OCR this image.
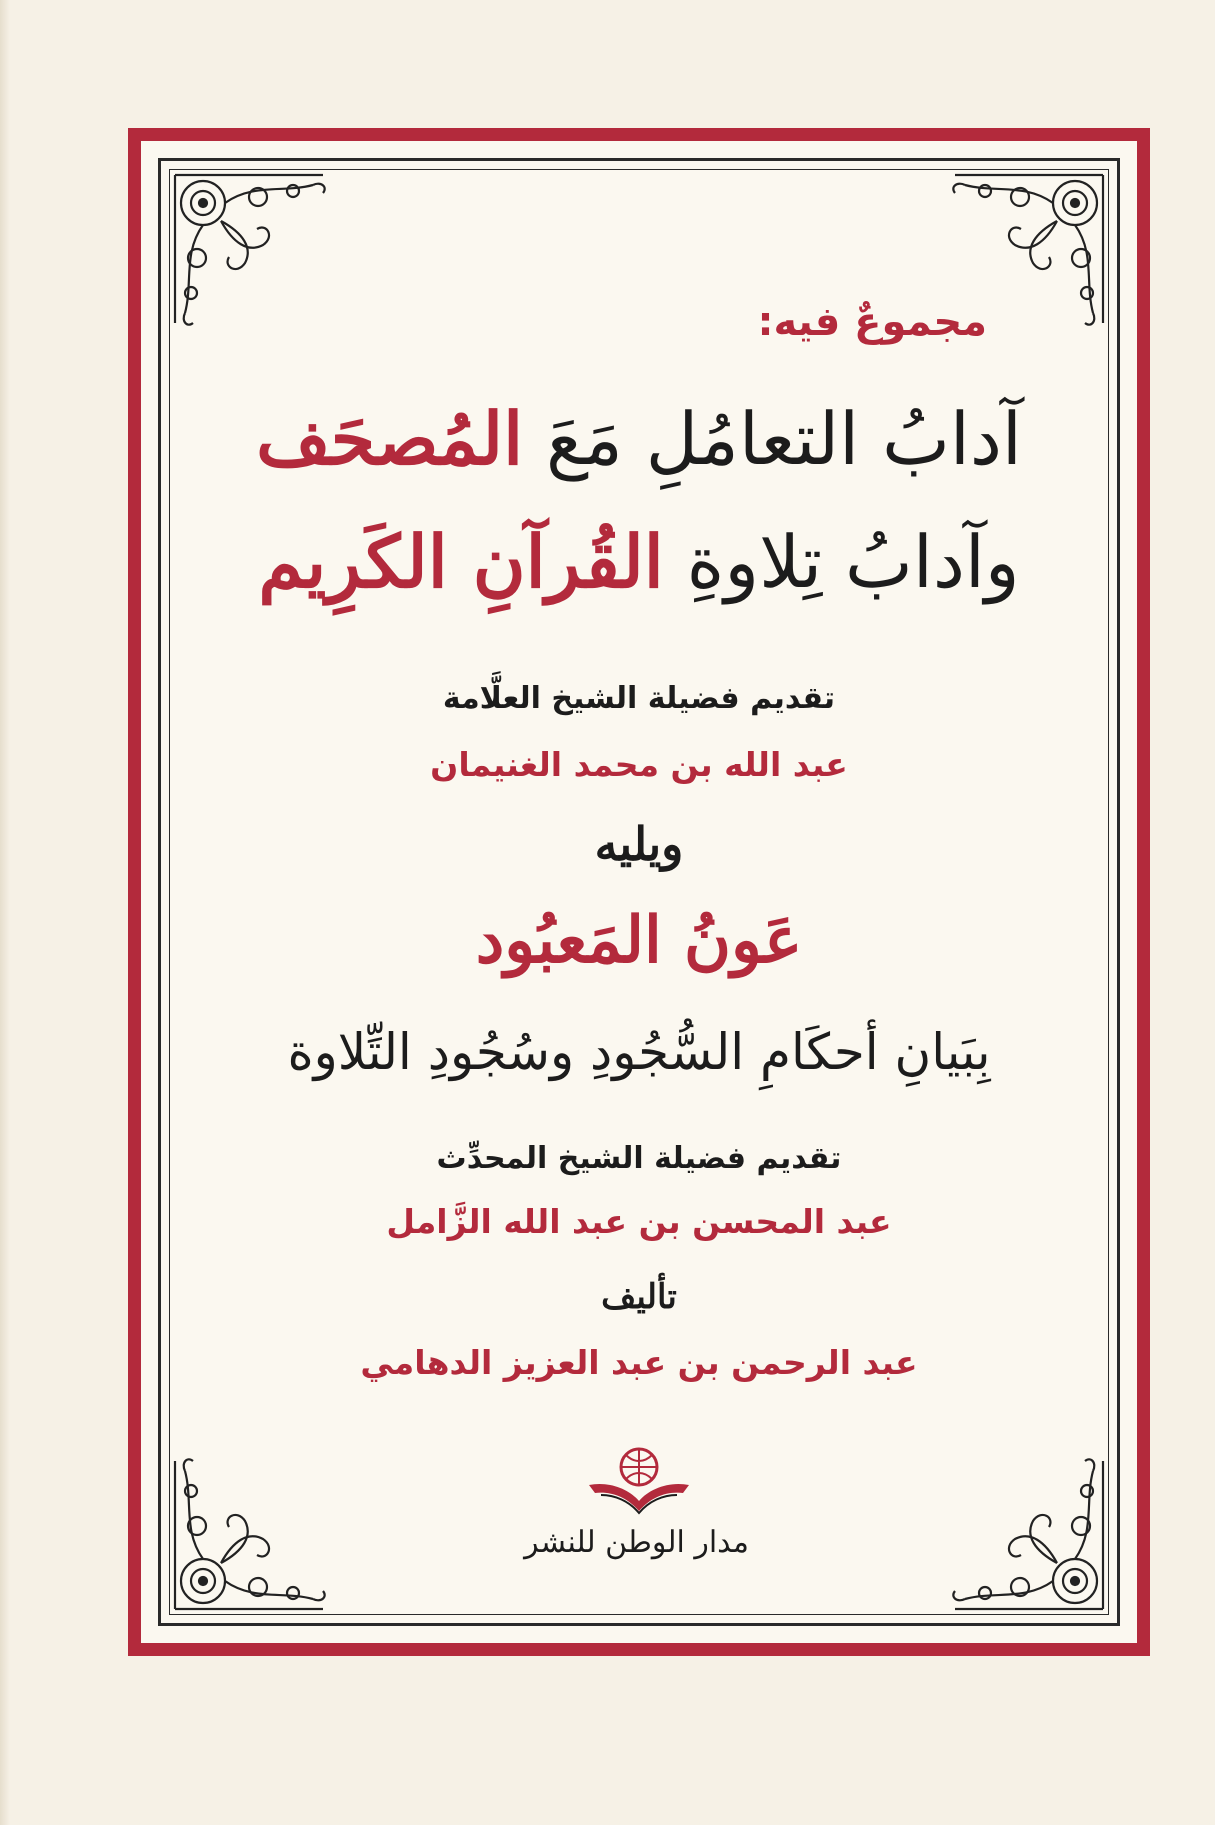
مجموعٌ فيه:
آدابُ التعامُلِ مَعَ المُصحَف
وآدابُ تِلاوةِ القُرآنِ الكَرِيم
تقديم فضيلة الشيخ العلَّامة
عبد الله بن محمد الغنيمان
ويليه
عَونُ المَعبُود
بِبَيانِ أحكَامِ السُّجُودِ وسُجُودِ التِّلاوة
تقديم فضيلة الشيخ المحدِّث
عبد المحسن بن عبد الله الزَّامل
تأليف
عبد الرحمن بن عبد العزيز الدهامي
مدار الوطن للنشر
